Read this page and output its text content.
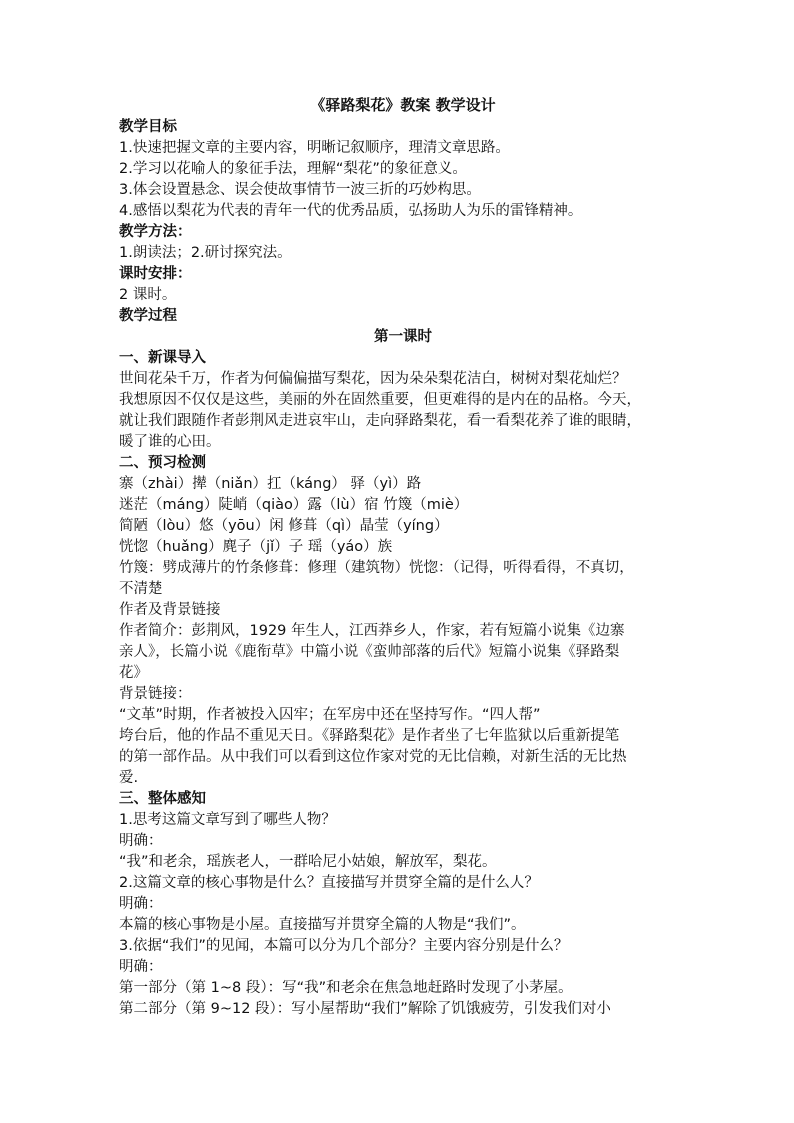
《驿路梨花》教案 教学设计

教学目标

1.快速把握文章的主要内容，明晰记叙顺序，理清文章思路。

2.学习以花喻人的象征手法，理解“梨花”的象征意义。

3.体会设置悬念、误会使故事情节一波三折的巧妙构思。

4.感悟以梨花为代表的青年一代的优秀品质，弘扬助人为乐的雷锋精神。

教学方法：

1.朗读法；2.研讨探究法。

课时安排：

2 课时。

教学过程

第一课时

一、新课导入

世间花朵千万，作者为何偏偏描写梨花，因为朵朵梨花洁白，树树对梨花灿烂？

我想原因不仅仅是这些，美丽的外在固然重要，但更难得的是内在的品格。今天，

就让我们跟随作者彭荆风走进哀牢山，走向驿路梨花，看一看梨花养了谁的眼睛，

暖了谁的心田。

二、预习检测

寨（zhài）撵（niǎn）扛（káng） 驿（yì）路

迷茫（máng）陡峭（qiào）露（lù）宿 竹篾（miè）

简陋（lòu）悠（yōu）闲 修葺（qì）晶莹（yíng）

恍惚（huǎng）麂子（jǐ）子 瑶（yáo）族

竹篾：劈成薄片的竹条修葺：修理（建筑物）恍惚：（记得，听得看得，不真切，

不清楚

作者及背景链接

作者简介：彭荆风，1929 年生人，江西莽乡人，作家，若有短篇小说集《边寨

亲人》，长篇小说《鹿衔草》中篇小说《蛮帅部落的后代》短篇小说集《驿路梨

花》

背景链接：

“文革”时期，作者被投入囚牢；在军房中还在坚持写作。“四人帮”

垮台后，他的作品不重见天日。《驿路梨花》是作者坐了七年监狱以后重新提笔

的第一部作品。从中我们可以看到这位作家对党的无比信赖，对新生活的无比热

爱.

三、整体感知

1.思考这篇文章写到了哪些人物？

明确：

“我”和老余，瑶族老人，一群哈尼小姑娘，解放军，梨花。

2.这篇文章的核心事物是什么？直接描写并贯穿全篇的是什么人？

明确：

本篇的核心事物是小屋。直接描写并贯穿全篇的人物是“我们”。

3.依据“我们”的见闻，本篇可以分为几个部分？主要内容分别是什么？

明确：

第一部分（第 1~8 段）：写“我”和老余在焦急地赶路时发现了小茅屋。

第二部分（第 9~12 段）：写小屋帮助“我们”解除了饥饿疲劳，引发我们对小
